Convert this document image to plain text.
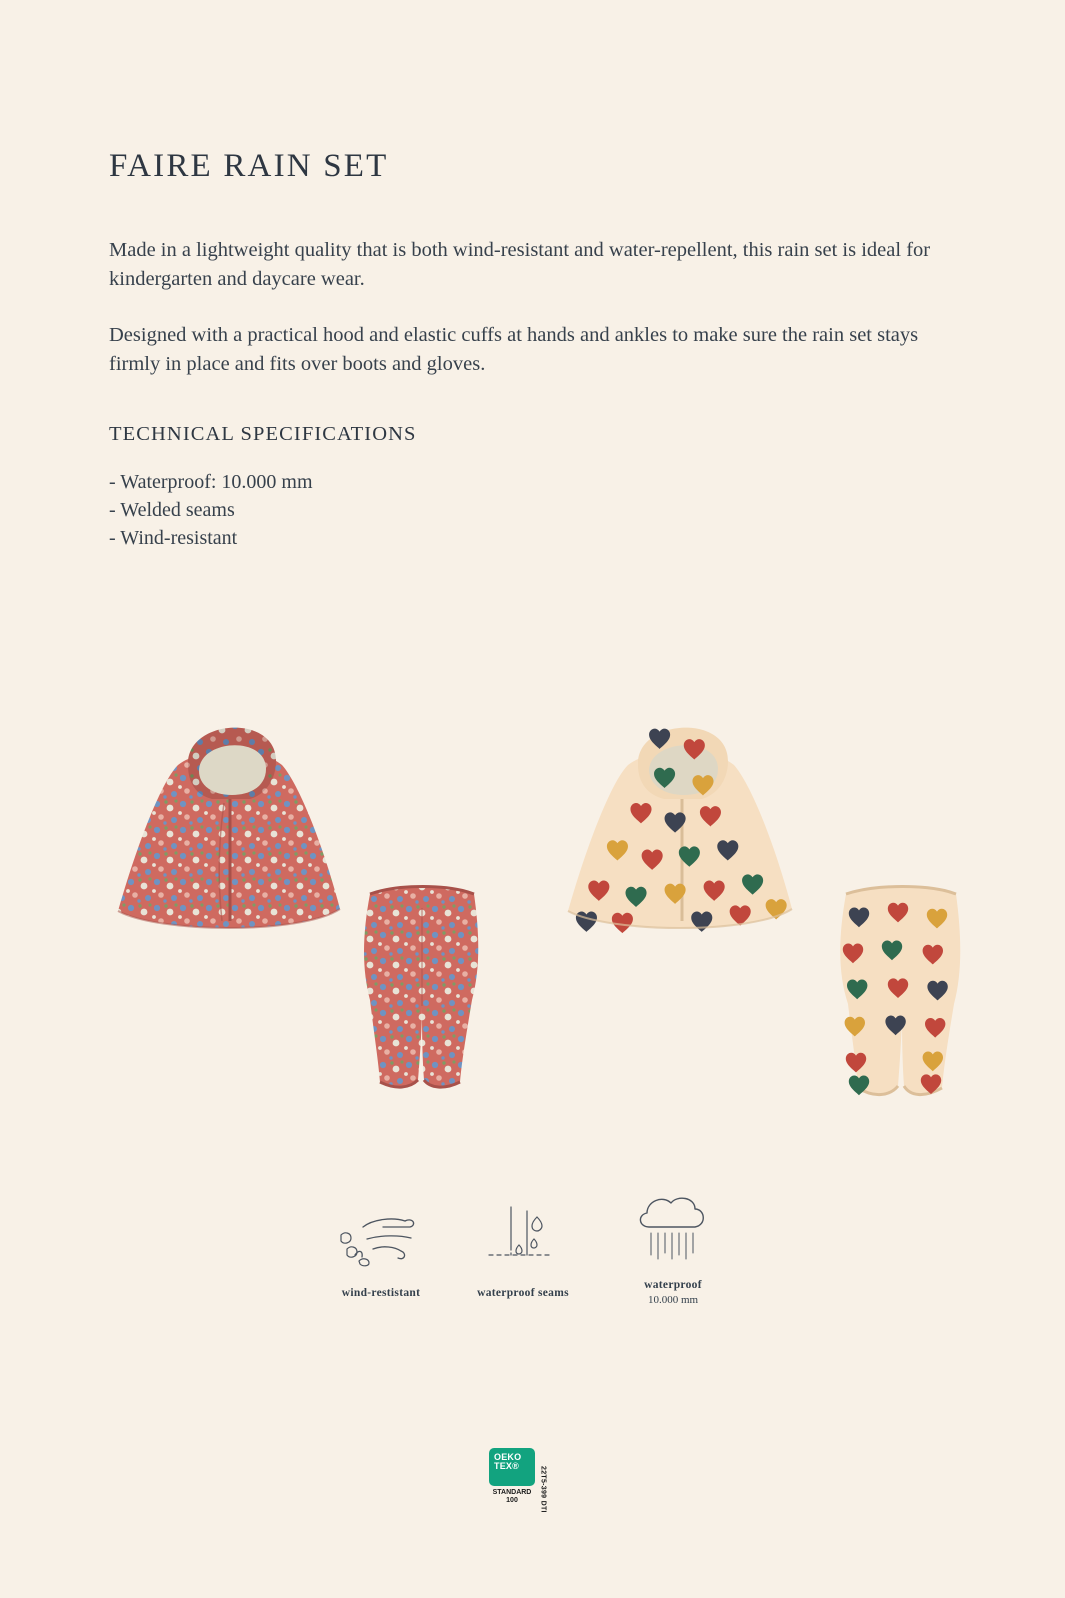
FAIRE RAIN SET

Made in a lightweight quality that is both wind-resistant and water-repellent, this rain set is ideal for kindergarten and daycare wear.

Designed with a practical hood and elastic cuffs at hands and ankles to make sure the rain set stays firmly in place and fits over boots and gloves.

TECHNICAL SPECIFICATIONS
- Waterproof: 10.000 mm
- Welded seams
- Wind-resistant
wind-restistant	waterproof seams
waterproof
10.000 mm
OEKO
TEX®
STANDARD
100	22T5-399 DTI
